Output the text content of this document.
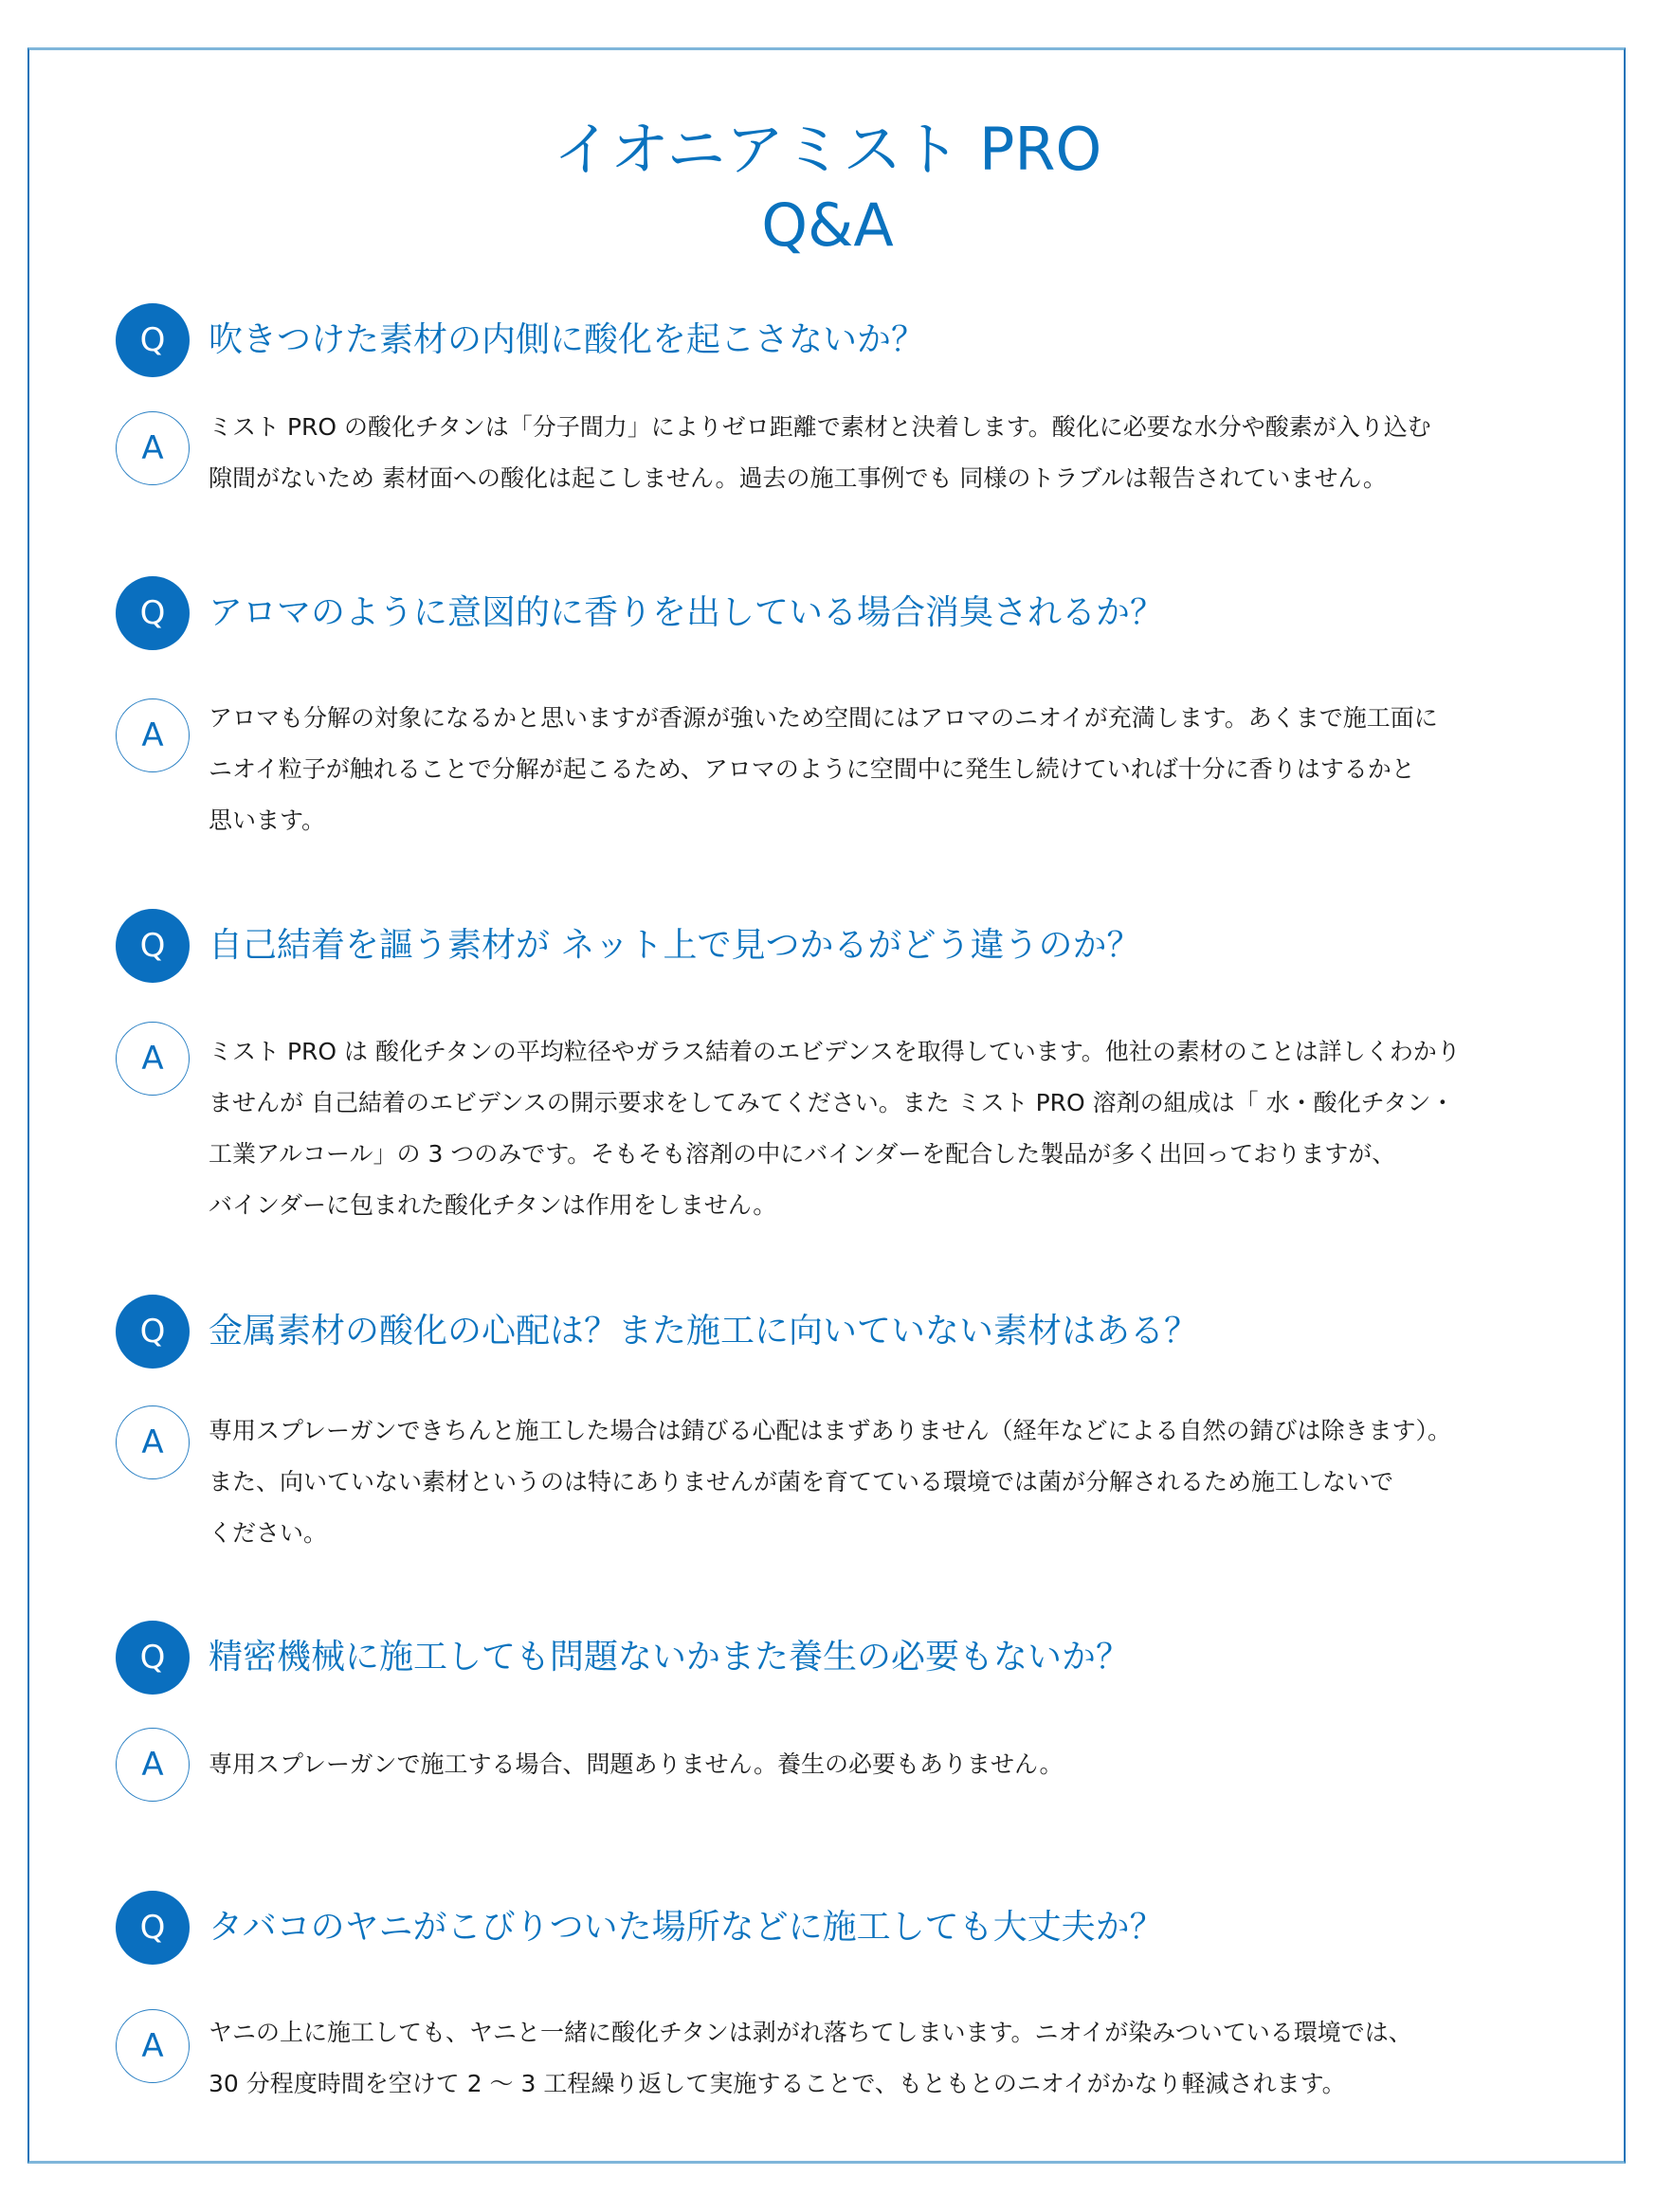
イオニアミスト PRO
Q&A
Q	吹きつけた素材の内側に酸化を起こさないか？
A
ミスト PRO の酸化チタンは「分子間力」によりゼロ距離で素材と決着します。酸化に必要な水分や酸素が入り込む
隙間がないため 素材面への酸化は起こしません。過去の施工事例でも 同様のトラブルは報告されていません。
Q	アロマのように意図的に香りを出している場合消臭されるか？
A	アロマも分解の対象になるかと思いますが香源が強いため空間にはアロマのニオイが充満します。あくまで施工面に
ニオイ粒子が触れることで分解が起こるため、アロマのように空間中に発生し続けていれば十分に香りはするかと
思います。
Q	自己結着を謳う素材が ネット上で見つかるがどう違うのか？
A	ミスト PRO は 酸化チタンの平均粒径やガラス結着のエビデンスを取得しています。他社の素材のことは詳しくわかり
ませんが 自己結着のエビデンスの開示要求をしてみてください。また ミスト PRO 溶剤の組成は「 水・酸化チタン・
工業アルコール」の 3 つのみです。そもそも溶剤の中にバインダーを配合した製品が多く出回っておりますが、
バインダーに包まれた酸化チタンは作用をしません。
Q	金属素材の酸化の心配は？また施工に向いていない素材はある？
A	専用スプレーガンできちんと施工した場合は錆びる心配はまずありません（経年などによる自然の錆びは除きます）。
また、向いていない素材というのは特にありませんが菌を育てている環境では菌が分解されるため施工しないで
ください。
Q	精密機械に施工しても問題ないかまた養生の必要もないか？
A	専用スプレーガンで施工する場合、問題ありません。養生の必要もありません。
Q	タバコのヤニがこびりついた場所などに施工しても大丈夫か？
A	ヤニの上に施工しても、ヤニと一緒に酸化チタンは剥がれ落ちてしまいます。ニオイが染みついている環境では、
30 分程度時間を空けて 2 ～ 3 工程繰り返して実施することで、もともとのニオイがかなり軽減されます。
